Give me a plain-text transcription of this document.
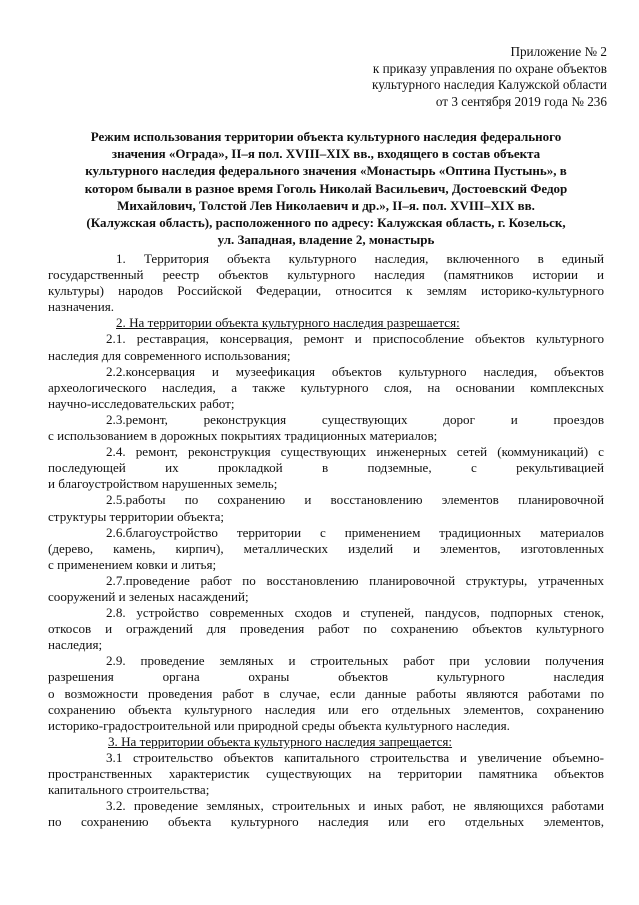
Приложение № 2
к приказу управления по охране объектов
культурного наследия Калужской области
от 3 сентября 2019 года № 236
Режим использования территории объекта культурного наследия федерального
значения «Ограда», II–я пол. XVIII–XIX вв., входящего в состав объекта
культурного наследия федерального значения «Монастырь «Оптина Пустынь», в
котором бывали в разное время Гоголь Николай Васильевич, Достоевский Федор
Михайлович, Толстой Лев Николаевич и др.», II–я. пол. XVIII–XIX вв.
(Калужская область), расположенного по адресу: Калужская область, г. Козельск,
ул. Западная, владение 2, монастырь
1. Территория объекта культурного наследия, включенного в единый
государственный реестр объектов культурного наследия (памятников истории и
культуры) народов Российской Федерации, относится к землям историко-культурного
назначения.
2. На территории объекта культурного наследия разрешается:
2.1. реставрация, консервация, ремонт и приспособление объектов культурного
наследия для современного использования;
2.2.консервация и музеефикация объектов культурного наследия, объектов
археологического наследия, а также культурного слоя, на основании комплексных
научно-исследовательских работ;
2.3.ремонт, реконструкция существующих дорог и проездов
с использованием в дорожных покрытиях традиционных материалов;
2.4. ремонт, реконструкция существующих инженерных сетей (коммуникаций) с
последующей их прокладкой в подземные, с рекультивацией
и благоустройством нарушенных земель;
2.5.работы по сохранению и восстановлению элементов планировочной
структуры территории объекта;
2.6.благоустройство территории с применением традиционных материалов
(дерево, камень, кирпич), металлических изделий и элементов, изготовленных
с применением ковки и литья;
2.7.проведение работ по восстановлению планировочной структуры, утраченных
сооружений и зеленых насаждений;
2.8. устройство современных сходов и ступеней, пандусов, подпорных стенок,
откосов и ограждений для проведения работ по сохранению объектов культурного
наследия;
2.9. проведение земляных и строительных работ при условии получения
разрешения органа охраны объектов культурного наследия
о возможности проведения работ в случае, если данные работы являются работами по
сохранению объекта культурного наследия или его отдельных элементов, сохранению
историко-градостроительной или природной среды объекта культурного наследия.
3. На территории объекта культурного наследия запрещается:
3.1 строительство объектов капитального строительства и увеличение объемно-
пространственных характеристик существующих на территории памятника объектов
капитального строительства;
3.2. проведение земляных, строительных и иных работ, не являющихся работами
по сохранению объекта культурного наследия или его отдельных элементов,
